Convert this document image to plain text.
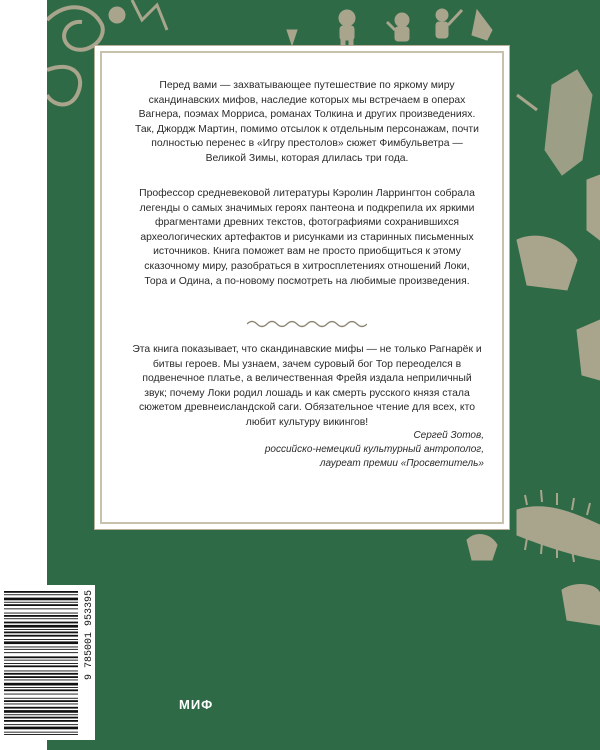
Перед вами — захватывающее путешествие по яркому миру скандинавских мифов, наследие которых мы встречаем в операх Вагнера, поэмах Морриса, романах Толкина и других произведениях. Так, Джордж Мартин, помимо отсылок к отдельным персонажам, почти полностью перенес в «Игру престолов» сюжет Фимбульветра — Великой Зимы, которая длилась три года.

Профессор средневековой литературы Кэролин Ларрингтон собрала легенды о самых значимых героях пантеона и подкрепила их яркими фрагментами древних текстов, фотографиями сохранившихся археологических артефактов и рисунками из старинных письменных источников. Книга поможет вам не просто приобщиться к этому сказочному миру, разобраться в хитросплетениях отношений Локи, Тора и Одина, а по-новому посмотреть на любимые произведения.

Эта книга показывает, что скандинавские мифы — не только Рагнарёк и битвы героев. Мы узнаем, зачем суровый бог Тор переоделся в подвенечное платье, а величественная Фрейя издала неприличный звук; почему Локи родил лошадь и как смерть русского князя стала сюжетом древнеисландской саги. Обязательное чтение для всех, кто любит культуру викингов!

Сергей Зотов,
российско-немецкий культурный антрополог,
лауреат премии «Просветитель»
МИФ
9 785001 953395
